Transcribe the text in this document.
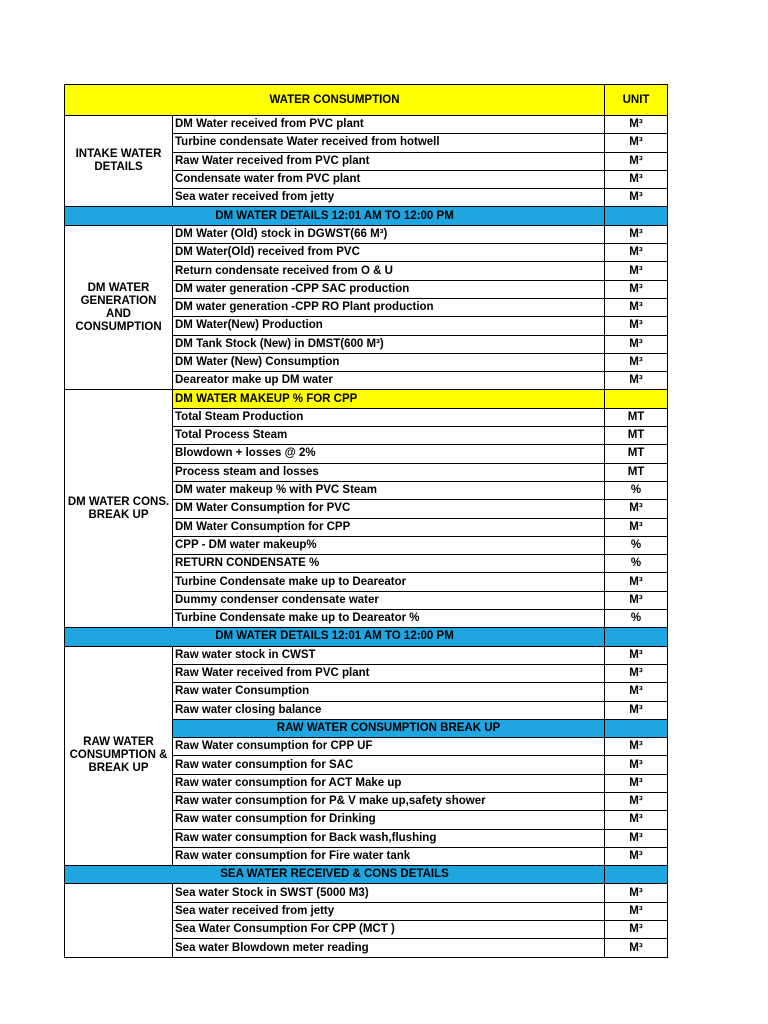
WATER CONSUMPTION		UNIT
INTAKE WATER DETAILS	DM Water received from PVC plant	M³
	Turbine condensate Water received from hotwell	M³
	Raw Water received from PVC plant	M³
	Condensate water from PVC plant	M³
	Sea water received from jetty	M³
DM WATER DETAILS 12:01 AM TO 12:00 PM		
DM WATER GENERATION AND CONSUMPTION	DM Water (Old) stock in DGWST(66 M³)	M³
	DM Water(Old) received from PVC	M³
	Return condensate received from O & U	M³
	DM water generation -CPP SAC production	M³
	DM water generation -CPP RO Plant production	M³
	DM Water(New) Production	M³
	DM Tank Stock (New) in DMST(600 M³)	M³
	DM Water (New) Consumption	M³
	Deareator make up DM water	M³
DM WATER CONS. BREAK UP	DM WATER MAKEUP % FOR CPP	
	Total Steam Production	MT
	Total Process Steam	MT
	Blowdown + losses @ 2%	MT
	Process steam and losses	MT
	DM water makeup % with PVC Steam	%
	DM Water Consumption for PVC	M³
	DM Water Consumption for CPP	M³
	CPP - DM water makeup%	%
	RETURN CONDENSATE %	%
	Turbine Condensate make up to Deareator	M³
	Dummy condenser condensate water	M³
	Turbine Condensate make up to Deareator %	%
DM WATER DETAILS 12:01 AM TO 12:00 PM		
RAW WATER CONSUMPTION & BREAK UP	Raw water stock in CWST	M³
	Raw Water received from PVC plant	M³
	Raw water Consumption	M³
	Raw water closing balance	M³
	RAW WATER CONSUMPTION BREAK UP	
	Raw Water consumption for CPP UF	M³
	Raw water consumption for SAC	M³
	Raw water consumption for ACT Make up	M³
	Raw water consumption for P& V make up,safety shower	M³
	Raw water consumption for Drinking	M³
	Raw water consumption for Back wash,flushing	M³
	Raw water consumption for Fire water tank	M³
SEA WATER RECEIVED & CONS DETAILS		
	Sea water Stock in SWST (5000 M3)	M³
	Sea water received from jetty	M³
	Sea Water Consumption For CPP (MCT )	M³
	Sea water Blowdown meter reading	M³
